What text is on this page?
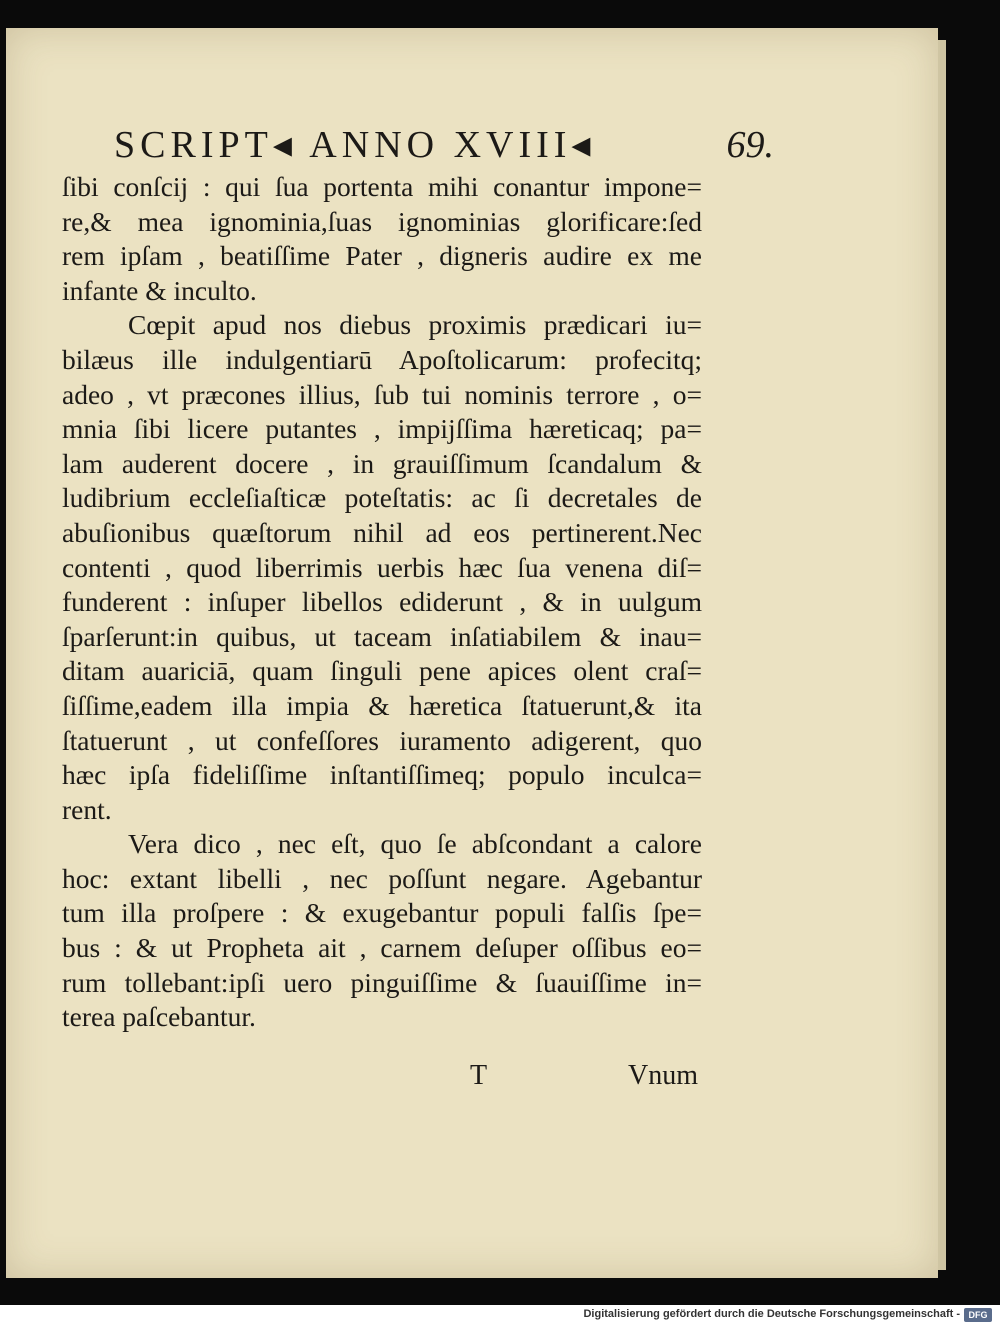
SCRIPT◂ ANNO XVIII◂	69.
ſibi conſcij : qui ſua portenta mihi conantur impone=
re,& mea ignominia,ſuas ignominias glorificare:ſed
rem ipſam , beatiſſime Pater , digneris audire ex me
infante & inculto.
Cœpit apud nos diebus proximis prædicari iu=
bilæus ille indulgentiarū Apoſtolicarum: profecitq;
adeo , vt præcones illius, ſub tui nominis terrore , o=
mnia ſibi licere putantes , impijſſima hæreticaq; pa=
lam auderent docere , in grauiſſimum ſcandalum &
ludibrium eccleſiaſticæ poteſtatis: ac ſi decretales de
abuſionibus quæſtorum nihil ad eos pertinerent.Nec
contenti , quod liberrimis uerbis hæc ſua venena diſ=
funderent : inſuper libellos ediderunt , & in uulgum
ſparſerunt:in quibus, ut taceam inſatiabilem & inau=
ditam auariciā, quam ſinguli pene apices olent craſ=
ſiſſime,eadem illa impia & hæretica ſtatuerunt,& ita
ſtatuerunt , ut confeſſores iuramento adigerent, quo
hæc ipſa fideliſſime inſtantiſſimeq; populo inculca=
rent.
Vera dico , nec eſt, quo ſe abſcondant a calore
hoc: extant libelli , nec poſſunt negare. Agebantur
tum illa proſpere : & exugebantur populi falſis ſpe=
bus : & ut Propheta ait , carnem deſuper oſſibus eo=
rum tollebant:ipſi uero pinguiſſime & ſuauiſſime in=
terea paſcebantur.
T	Vnum
Digitalisierung gefördert durch die Deutsche Forschungsgemeinschaft - DFG
